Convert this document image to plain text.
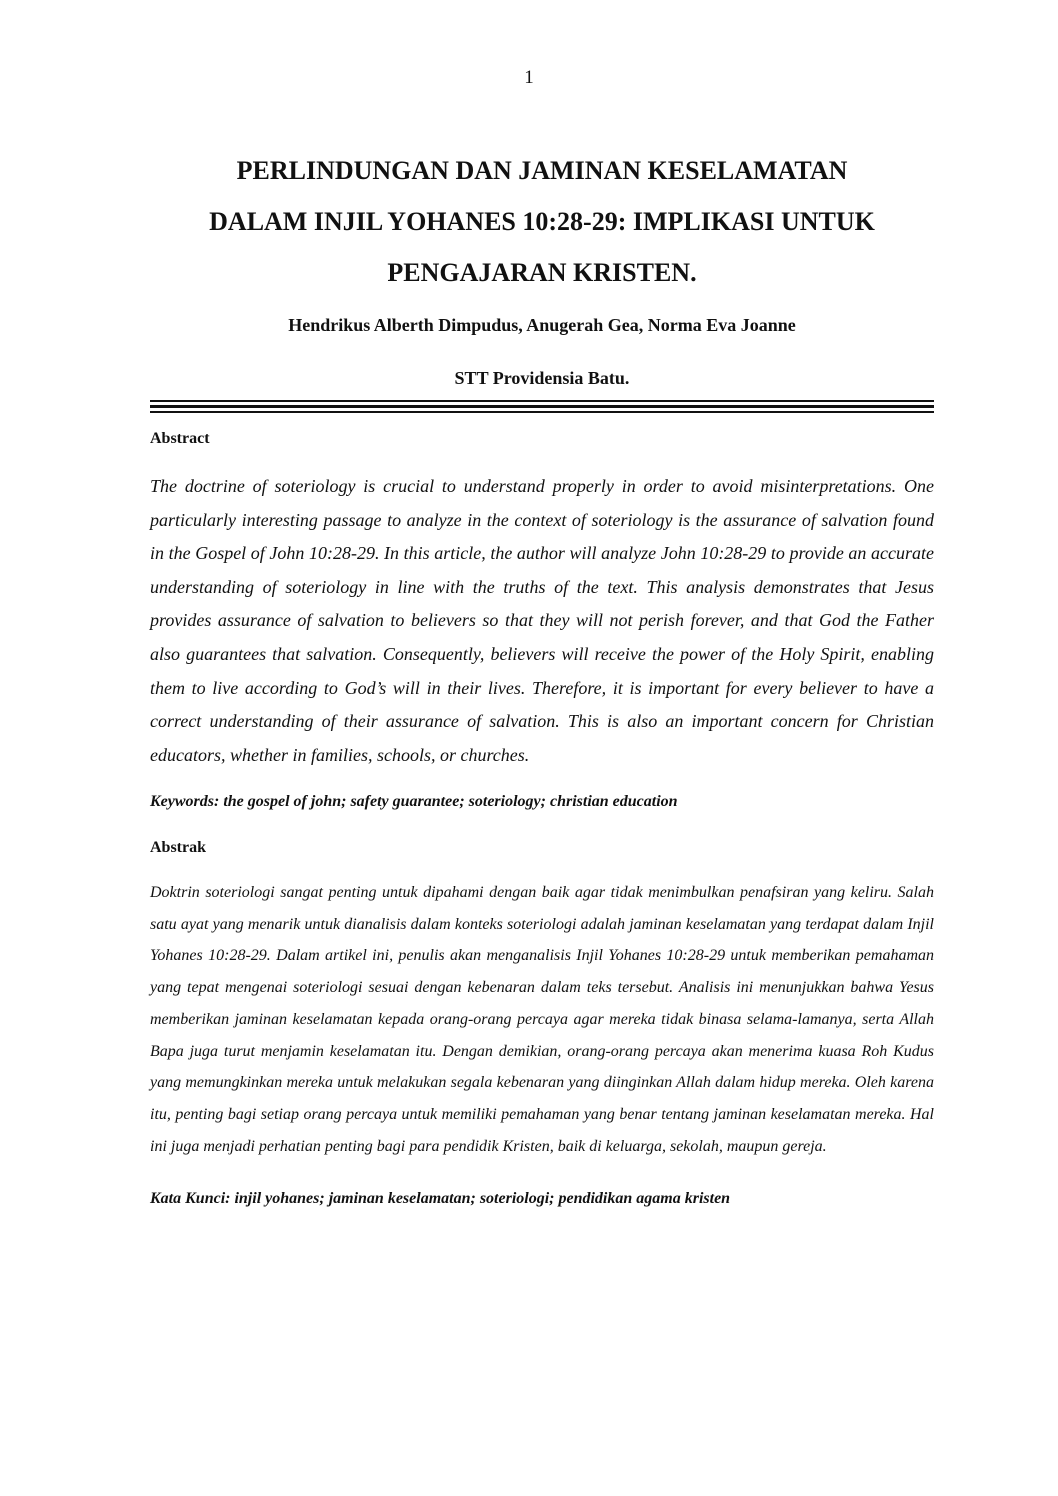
1
PERLINDUNGAN DAN JAMINAN KESELAMATAN
DALAM INJIL YOHANES 10:28-29: IMPLIKASI UNTUK
PENGAJARAN KRISTEN.
Hendrikus Alberth Dimpudus, Anugerah Gea, Norma Eva Joanne
STT Providensia Batu.
Abstract

The doctrine of soteriology is crucial to understand properly in order to avoid misinterpretations. One particularly interesting passage to analyze in the context of soteriology is the assurance of salvation found in the Gospel of John 10:28-29. In this article, the author will analyze John 10:28-29 to provide an accurate understanding of soteriology in line with the truths of the text. This analysis demonstrates that Jesus provides assurance of salvation to believers so that they will not perish forever, and that God the Father also guarantees that salvation. Consequently, believers will receive the power of the Holy Spirit, enabling them to live according to God’s will in their lives. Therefore, it is important for every believer to have a correct understanding of their assurance of salvation. This is also an important concern for Christian educators, whether in families, schools, or churches.

Keywords: the gospel of john; safety guarantee; soteriology; christian education
Abstrak

Doktrin soteriologi sangat penting untuk dipahami dengan baik agar tidak menimbulkan penafsiran yang keliru. Salah satu ayat yang menarik untuk dianalisis dalam konteks soteriologi adalah jaminan keselamatan yang terdapat dalam Injil Yohanes 10:28-29. Dalam artikel ini, penulis akan menganalisis Injil Yohanes 10:28-29 untuk memberikan pemahaman yang tepat mengenai soteriologi sesuai dengan kebenaran dalam teks tersebut. Analisis ini menunjukkan bahwa Yesus memberikan jaminan keselamatan kepada orang-orang percaya agar mereka tidak binasa selama-lamanya, serta Allah Bapa juga turut menjamin keselamatan itu. Dengan demikian, orang-orang percaya akan menerima kuasa Roh Kudus yang memungkinkan mereka untuk melakukan segala kebenaran yang diinginkan Allah dalam hidup mereka. Oleh karena itu, penting bagi setiap orang percaya untuk memiliki pemahaman yang benar tentang jaminan keselamatan mereka. Hal ini juga menjadi perhatian penting bagi para pendidik Kristen, baik di keluarga, sekolah, maupun gereja.

Kata Kunci: injil yohanes; jaminan keselamatan; soteriologi; pendidikan agama kristen
